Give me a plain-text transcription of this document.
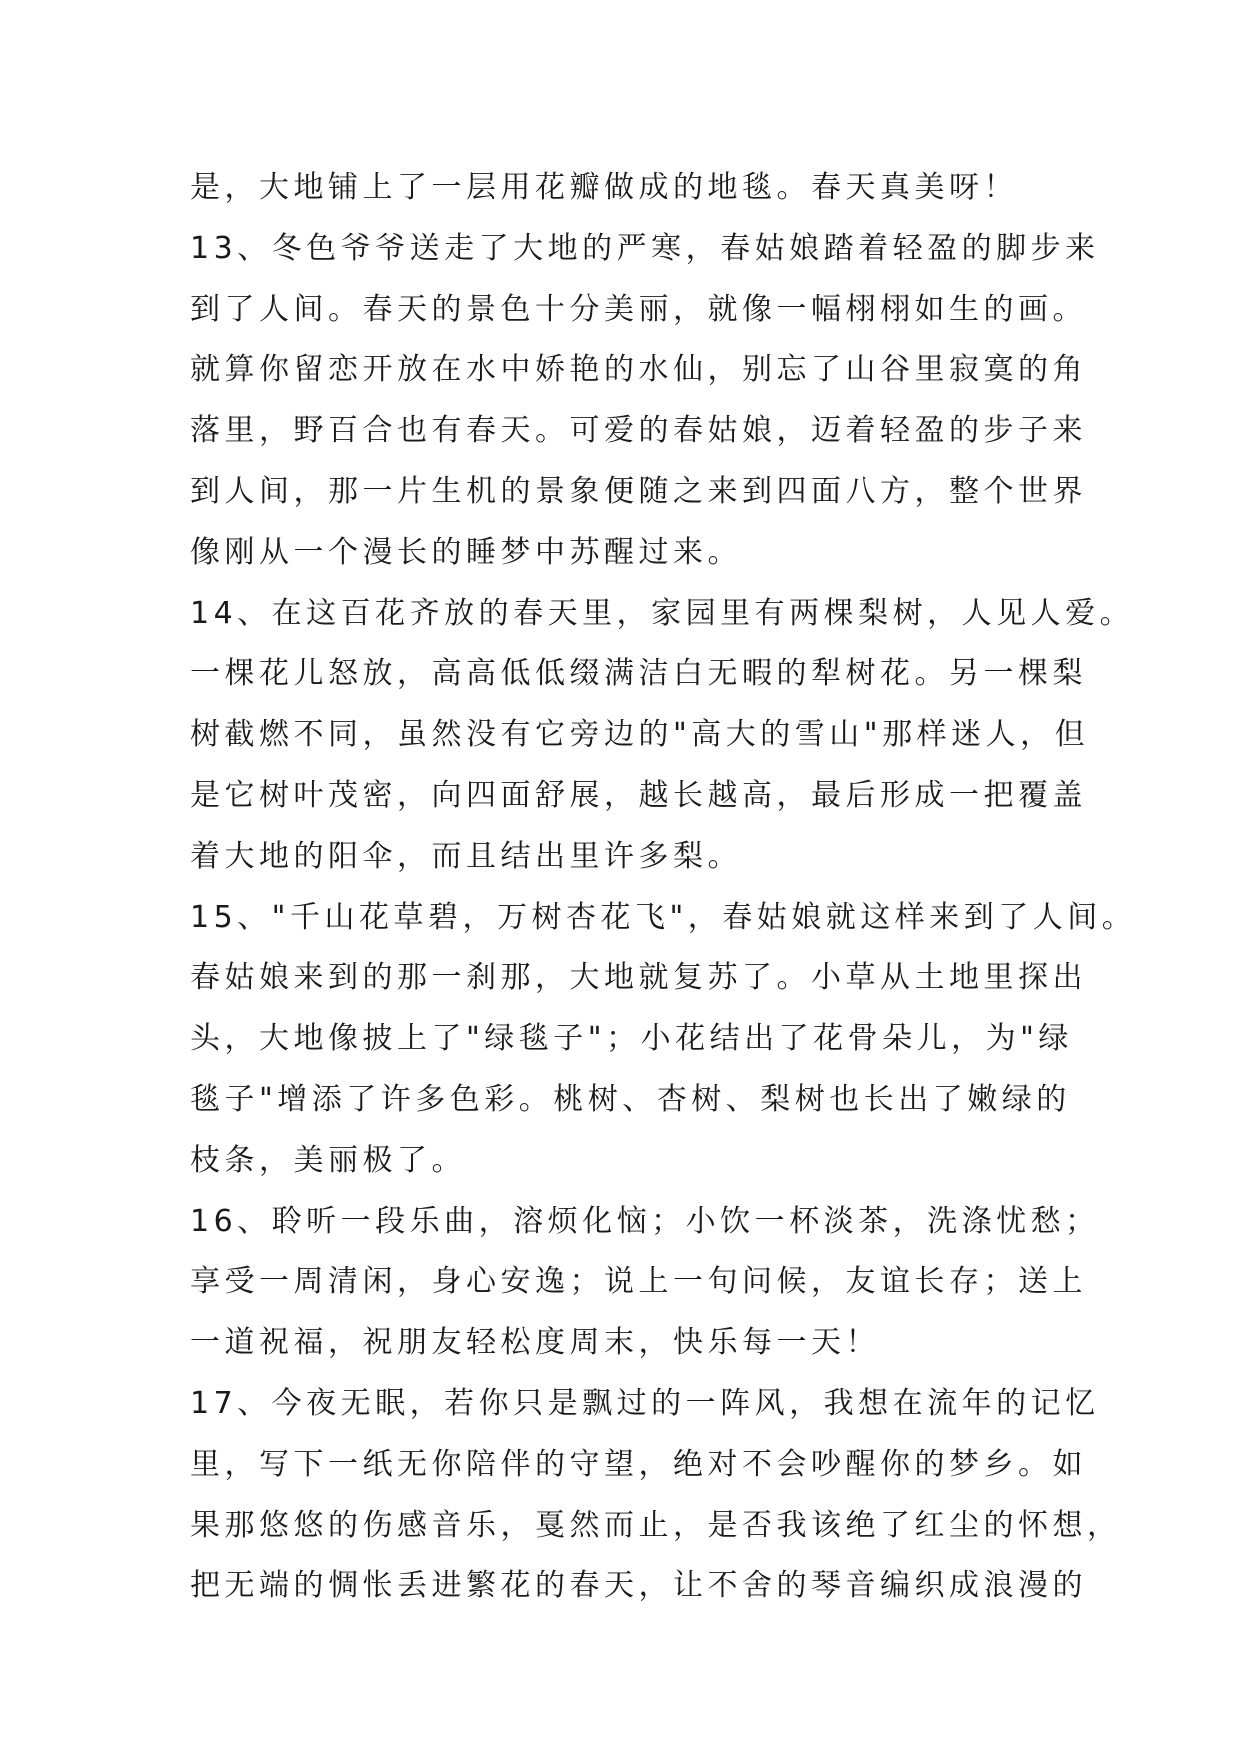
是，大地铺上了一层用花瓣做成的地毯。春天真美呀！
13、冬色爷爷送走了大地的严寒，春姑娘踏着轻盈的脚步来
到了人间。春天的景色十分美丽，就像一幅栩栩如生的画。
就算你留恋开放在水中娇艳的水仙，别忘了山谷里寂寞的角
落里，野百合也有春天。可爱的春姑娘，迈着轻盈的步子来
到人间，那一片生机的景象便随之来到四面八方，整个世界
像刚从一个漫长的睡梦中苏醒过来。
14、在这百花齐放的春天里，家园里有两棵梨树，人见人爱。
一棵花儿怒放，高高低低缀满洁白无暇的犁树花。另一棵梨
树截燃不同，虽然没有它旁边的"高大的雪山"那样迷人，但
是它树叶茂密，向四面舒展，越长越高，最后形成一把覆盖
着大地的阳伞，而且结出里许多梨。
15、"千山花草碧，万树杏花飞"，春姑娘就这样来到了人间。
春姑娘来到的那一刹那，大地就复苏了。小草从土地里探出
头，大地像披上了"绿毯子"；小花结出了花骨朵儿，为"绿
毯子"增添了许多色彩。桃树、杏树、梨树也长出了嫩绿的
枝条，美丽极了。
16、聆听一段乐曲，溶烦化恼；小饮一杯淡茶，洗涤忧愁；
享受一周清闲，身心安逸；说上一句问候，友谊长存；送上
一道祝福，祝朋友轻松度周末，快乐每一天！
17、今夜无眠，若你只是飘过的一阵风，我想在流年的记忆
里，写下一纸无你陪伴的守望，绝对不会吵醒你的梦乡。如
果那悠悠的伤感音乐，戛然而止，是否我该绝了红尘的怀想，
把无端的惆怅丢进繁花的春天，让不舍的琴音编织成浪漫的
